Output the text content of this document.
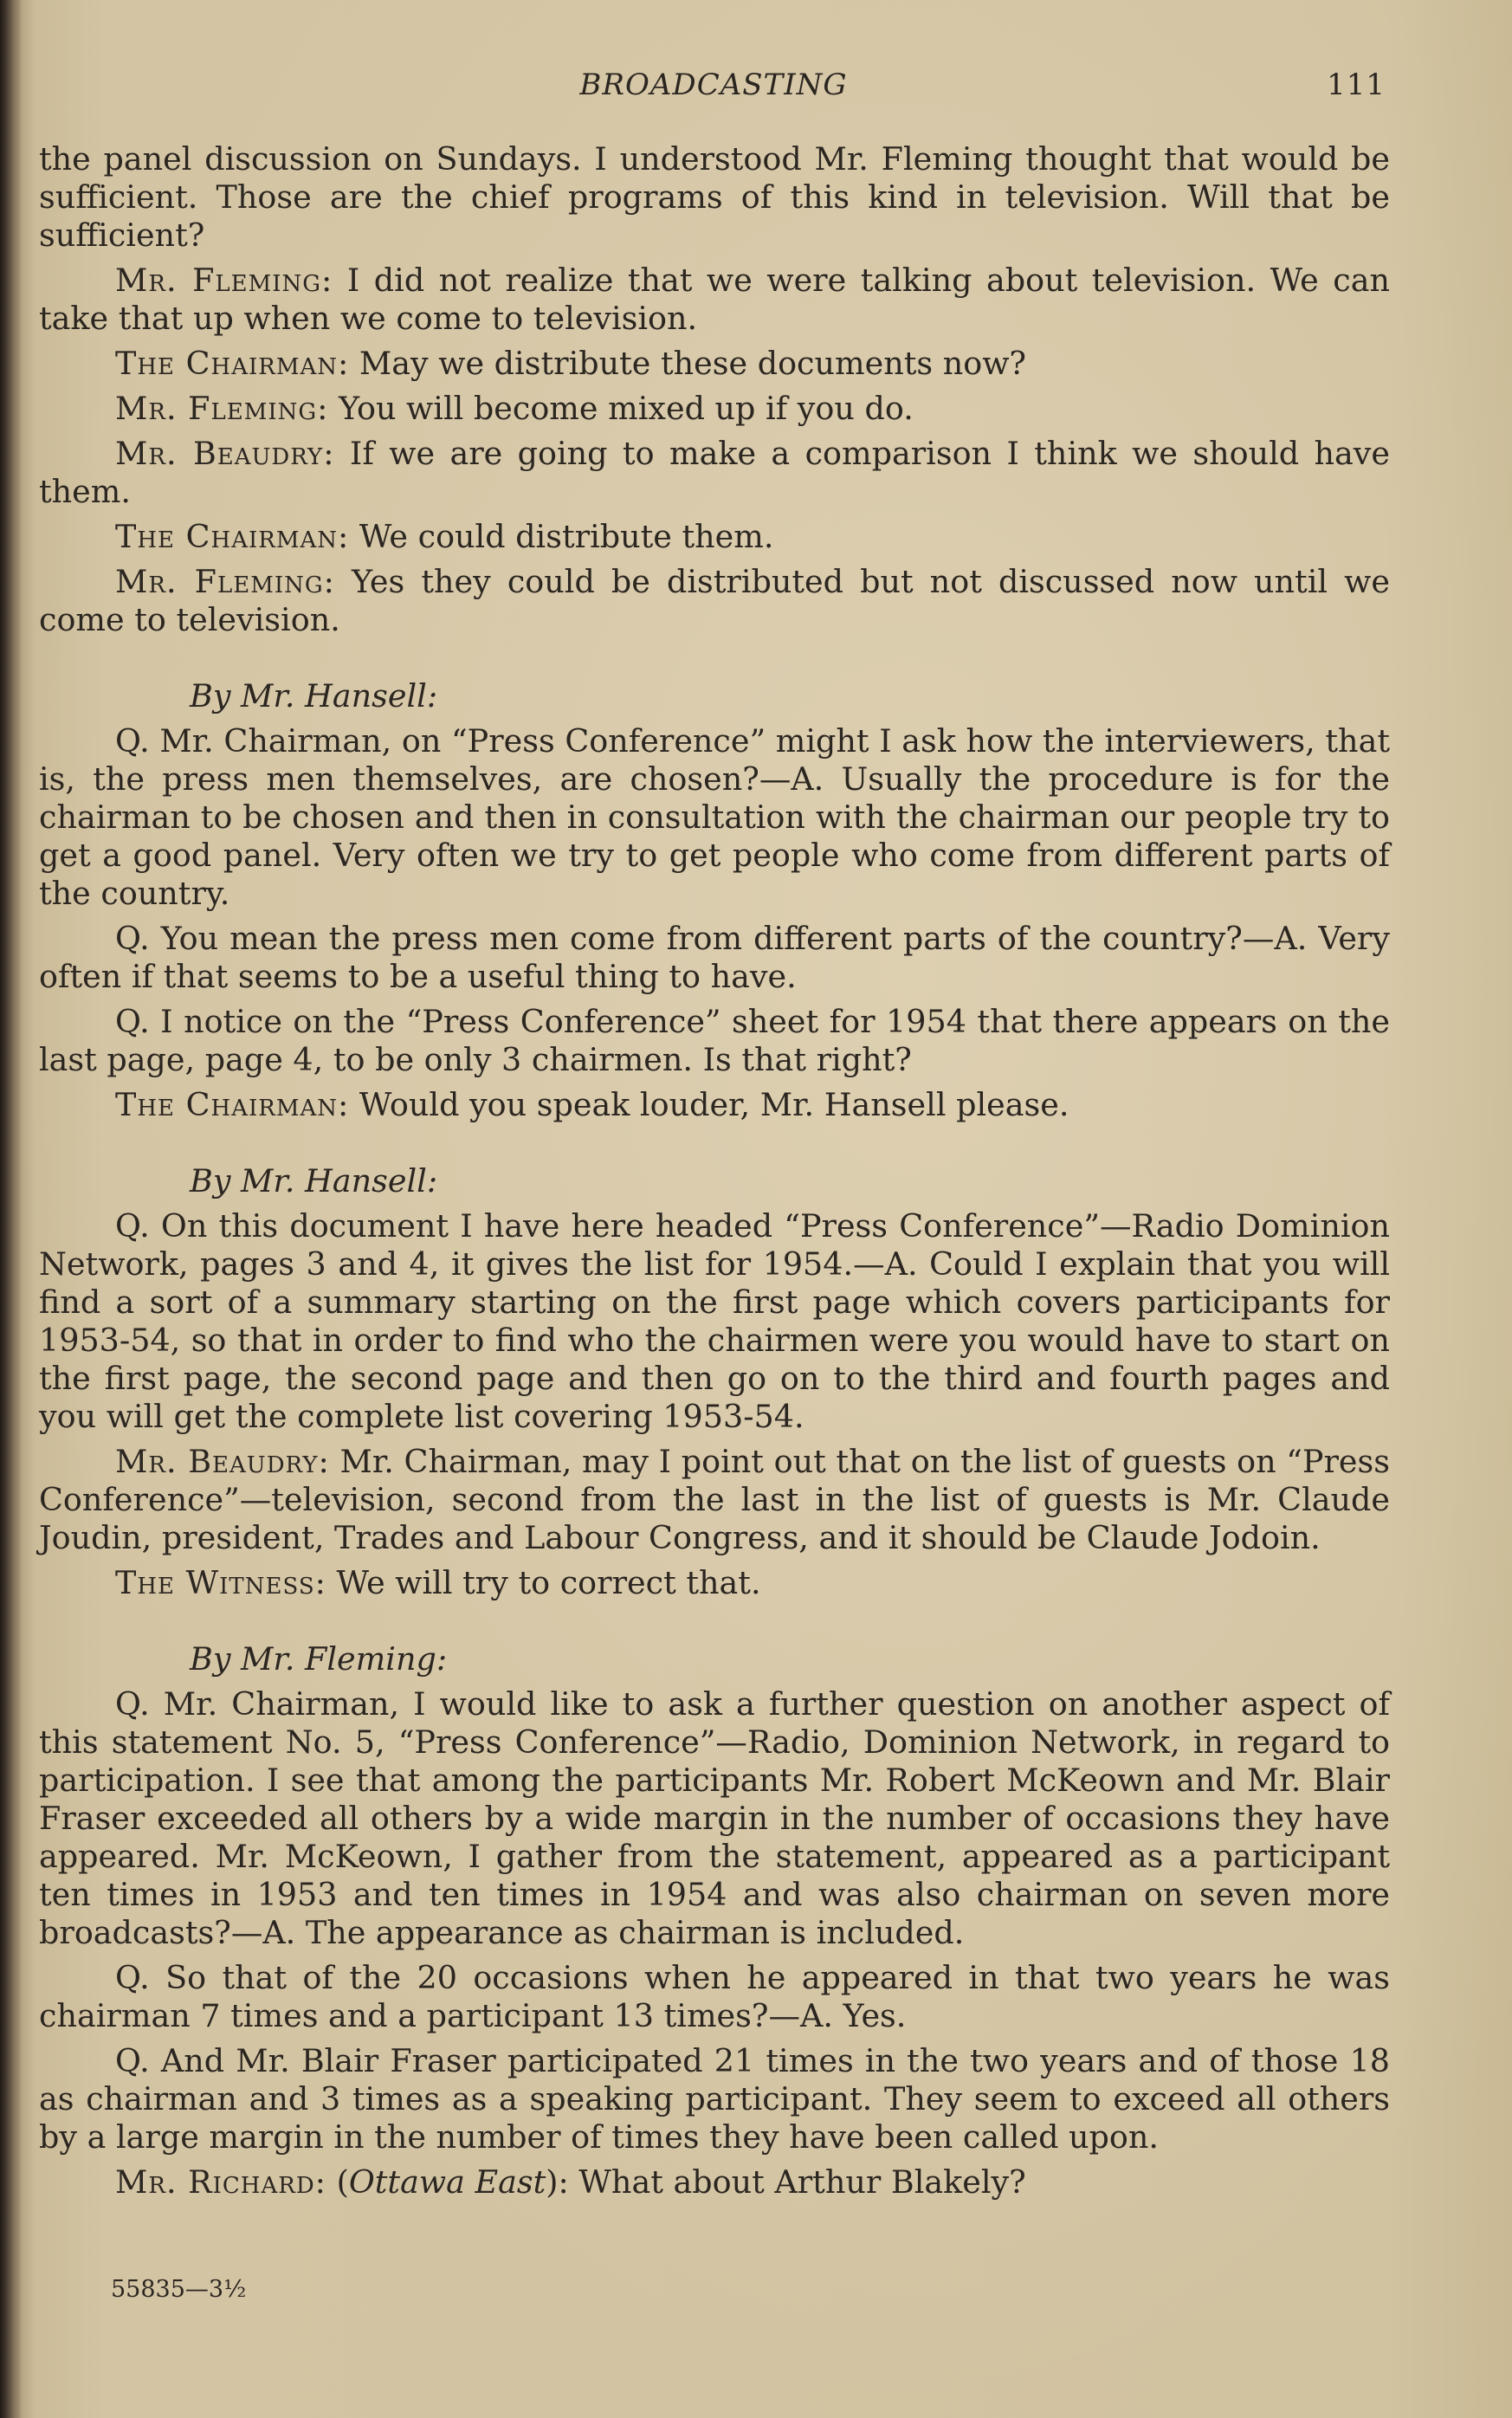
BROADCASTING	111

the panel discussion on Sundays. I understood Mr. Fleming thought that would be sufficient. Those are the chief programs of this kind in television. Will that be sufficient?

Mr. Fleming: I did not realize that we were talking about television. We can take that up when we come to television.

The Chairman: May we distribute these documents now?

Mr. Fleming: You will become mixed up if you do.

Mr. Beaudry: If we are going to make a comparison I think we should have them.

The Chairman: We could distribute them.

Mr. Fleming: Yes they could be distributed but not discussed now until we come to television.

By Mr. Hansell:

Q. Mr. Chairman, on “Press Conference” might I ask how the interviewers, that is, the press men themselves, are chosen?—A. Usually the procedure is for the chairman to be chosen and then in consultation with the chairman our people try to get a good panel. Very often we try to get people who come from different parts of the country.

Q. You mean the press men come from different parts of the country?—A. Very often if that seems to be a useful thing to have.

Q. I notice on the “Press Conference” sheet for 1954 that there appears on the last page, page 4, to be only 3 chairmen. Is that right?

The Chairman: Would you speak louder, Mr. Hansell please.

By Mr. Hansell:

Q. On this document I have here headed “Press Conference”—Radio Dominion Network, pages 3 and 4, it gives the list for 1954.—A. Could I explain that you will find a sort of a summary starting on the first page which covers participants for 1953-54, so that in order to find who the chairmen were you would have to start on the first page, the second page and then go on to the third and fourth pages and you will get the complete list covering 1953-54.

Mr. Beaudry: Mr. Chairman, may I point out that on the list of guests on “Press Conference”—television, second from the last in the list of guests is Mr. Claude Joudin, president, Trades and Labour Congress, and it should be Claude Jodoin.

The Witness: We will try to correct that.

By Mr. Fleming:

Q. Mr. Chairman, I would like to ask a further question on another aspect of this statement No. 5, “Press Conference”—Radio, Dominion Network, in regard to participation. I see that among the participants Mr. Robert McKeown and Mr. Blair Fraser exceeded all others by a wide margin in the number of occasions they have appeared. Mr. McKeown, I gather from the statement, appeared as a participant ten times in 1953 and ten times in 1954 and was also chairman on seven more broadcasts?—A. The appearance as chairman is included.

Q. So that of the 20 occasions when he appeared in that two years he was chairman 7 times and a participant 13 times?—A. Yes.

Q. And Mr. Blair Fraser participated 21 times in the two years and of those 18 as chairman and 3 times as a speaking participant. They seem to exceed all others by a large margin in the number of times they have been called upon.

Mr. Richard: (Ottawa East): What about Arthur Blakely?

55835—3½
